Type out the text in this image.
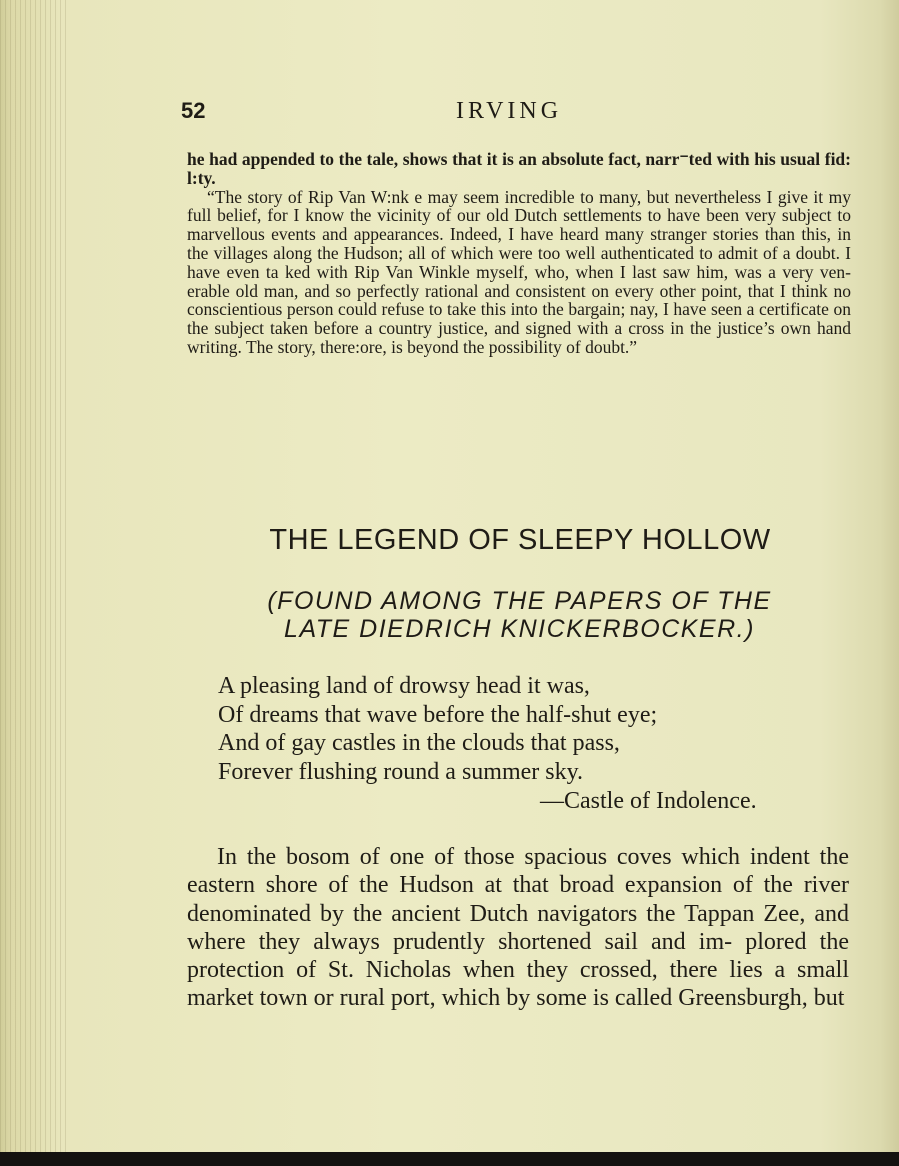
52	IRVING

he had appended to the tale, shows that it is an absolute fact, narr⁻ted with his usual fid: l:ty.

“The story of Rip Van W:nk e may seem incredible to many, but nevertheless I give it my full belief, for I know the vicinity of our old Dutch settlements to have been very subject to marvellous events and appearances. Indeed, I have heard many stranger stories than this, in the villages along the Hudson; all of which were too well authenticated to admit of a doubt. I have even ta ked with Rip Van Winkle myself, who, when I last saw him, was a very ven- erable old man, and so perfectly rational and consistent on every other point, that I think no conscientious person could refuse to take this into the bargain; nay, I have seen a certificate on the subject taken before a country justice, and signed with a cross in the justice’s own hand writing. The story, there:ore, is beyond the possibility of doubt.”

THE LEGEND OF SLEEPY HOLLOW
(FOUND AMONG THE PAPERS OF THE
LATE DIEDRICH KNICKERBOCKER.)
A pleasing land of drowsy head it was,
Of dreams that wave before the half-shut eye;
And of gay castles in the clouds that pass,
Forever flushing round a summer sky.
—Castle of Indolence.

In the bosom of one of those spacious coves which indent the eastern shore of the Hudson at that broad expansion of the river denominated by the ancient Dutch navigators the Tappan Zee, and where they always prudently shortened sail and im- plored the protection of St. Nicholas when they crossed, there lies a small market town or rural port, which by some is called Greensburgh, but
